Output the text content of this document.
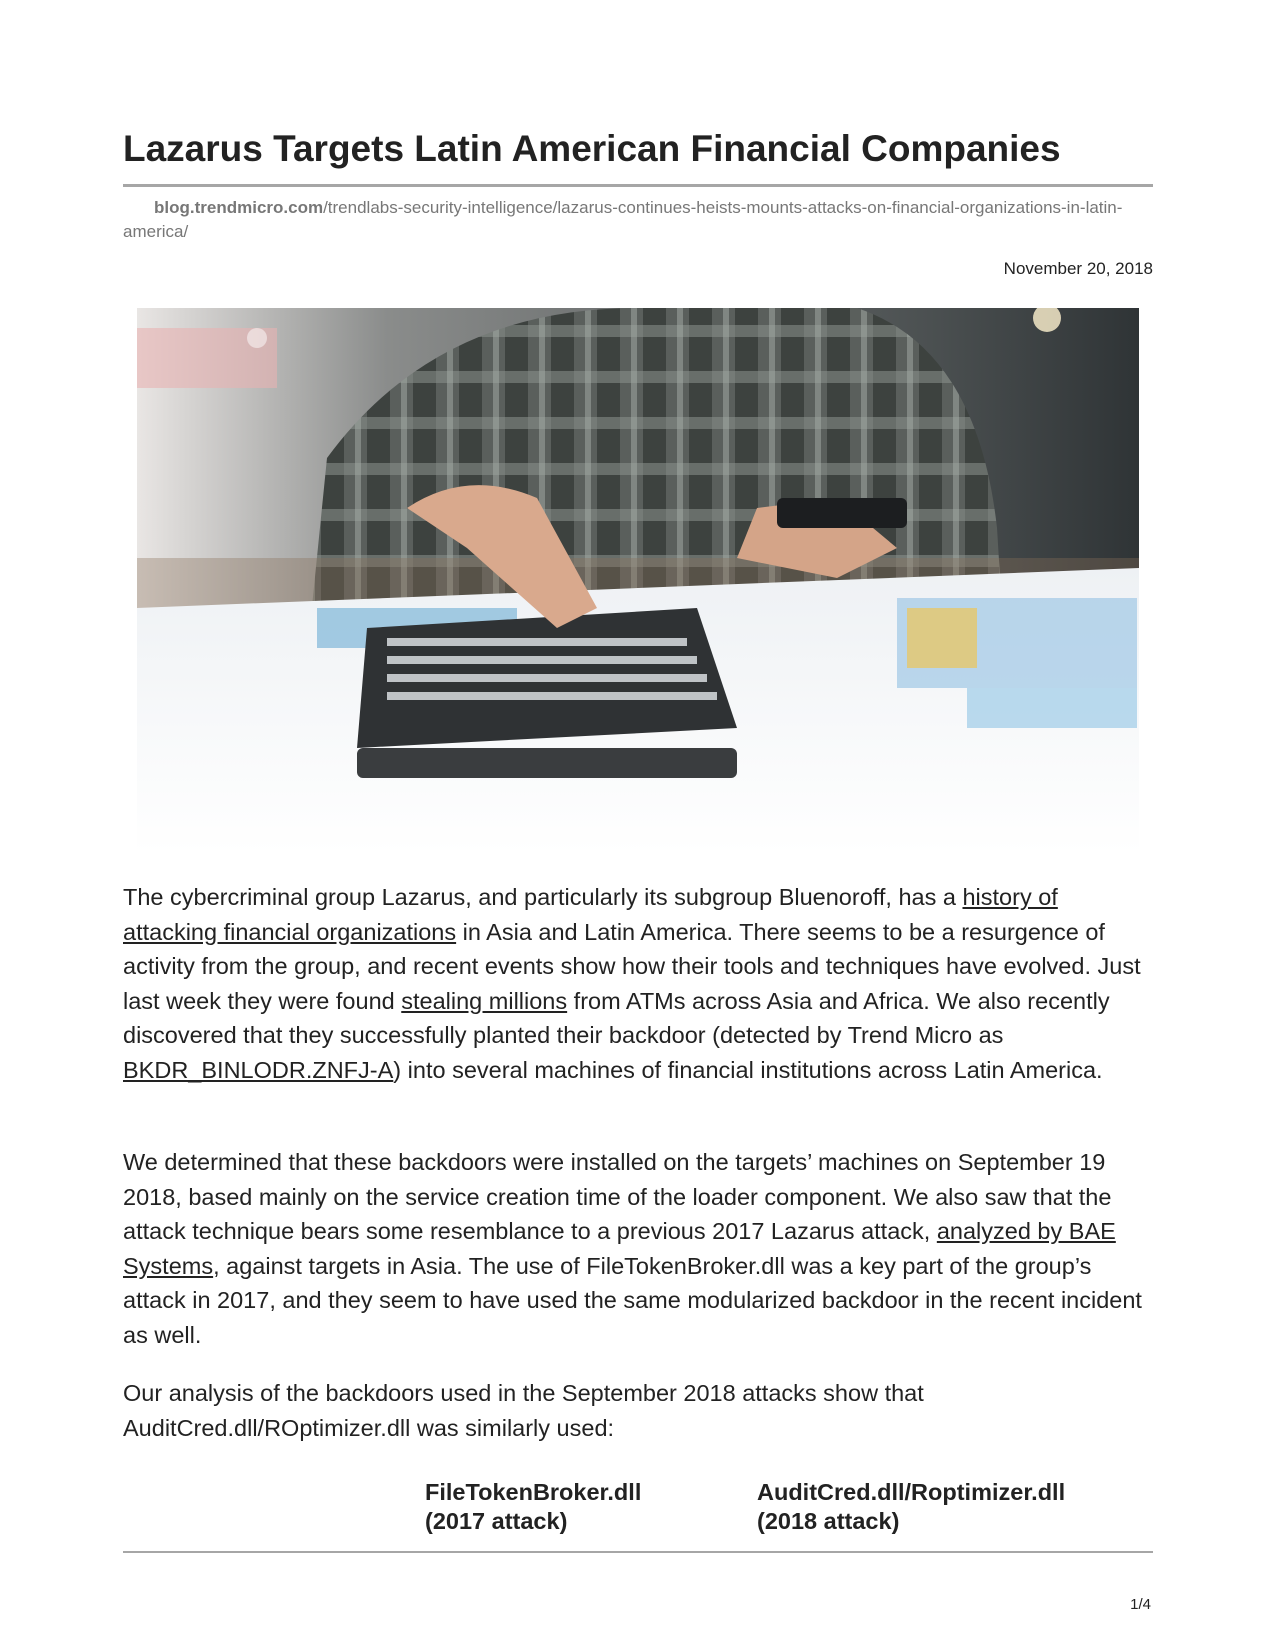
Lazarus Targets Latin American Financial Companies
blog.trendmicro.com/trendlabs-security-intelligence/lazarus-continues-heists-mounts-attacks-on-financial-organizations-in-latin-america/
November 20, 2018

The cybercriminal group Lazarus, and particularly its subgroup Bluenoroff, has a history of attacking financial organizations in Asia and Latin America. There seems to be a resurgence of activity from the group, and recent events show how their tools and techniques have evolved. Just last week they were found stealing millions from ATMs across Asia and Africa. We also recently discovered that they successfully planted their backdoor (detected by Trend Micro as BKDR_BINLODR.ZNFJ-A) into several machines of financial institutions across Latin America.

We determined that these backdoors were installed on the targets’ machines on September 19 2018, based mainly on the service creation time of the loader component. We also saw that the attack technique bears some resemblance to a previous 2017 Lazarus attack, analyzed by BAE Systems, against targets in Asia. The use of FileTokenBroker.dll was a key part of the group’s attack in 2017, and they seem to have used the same modularized backdoor in the recent incident as well.

Our analysis of the backdoors used in the September 2018 attacks show that AuditCred.dll/ROptimizer.dll was similarly used:

FileTokenBroker.dll
(2017 attack)
AuditCred.dll/Roptimizer.dll
(2018 attack)
1/4
